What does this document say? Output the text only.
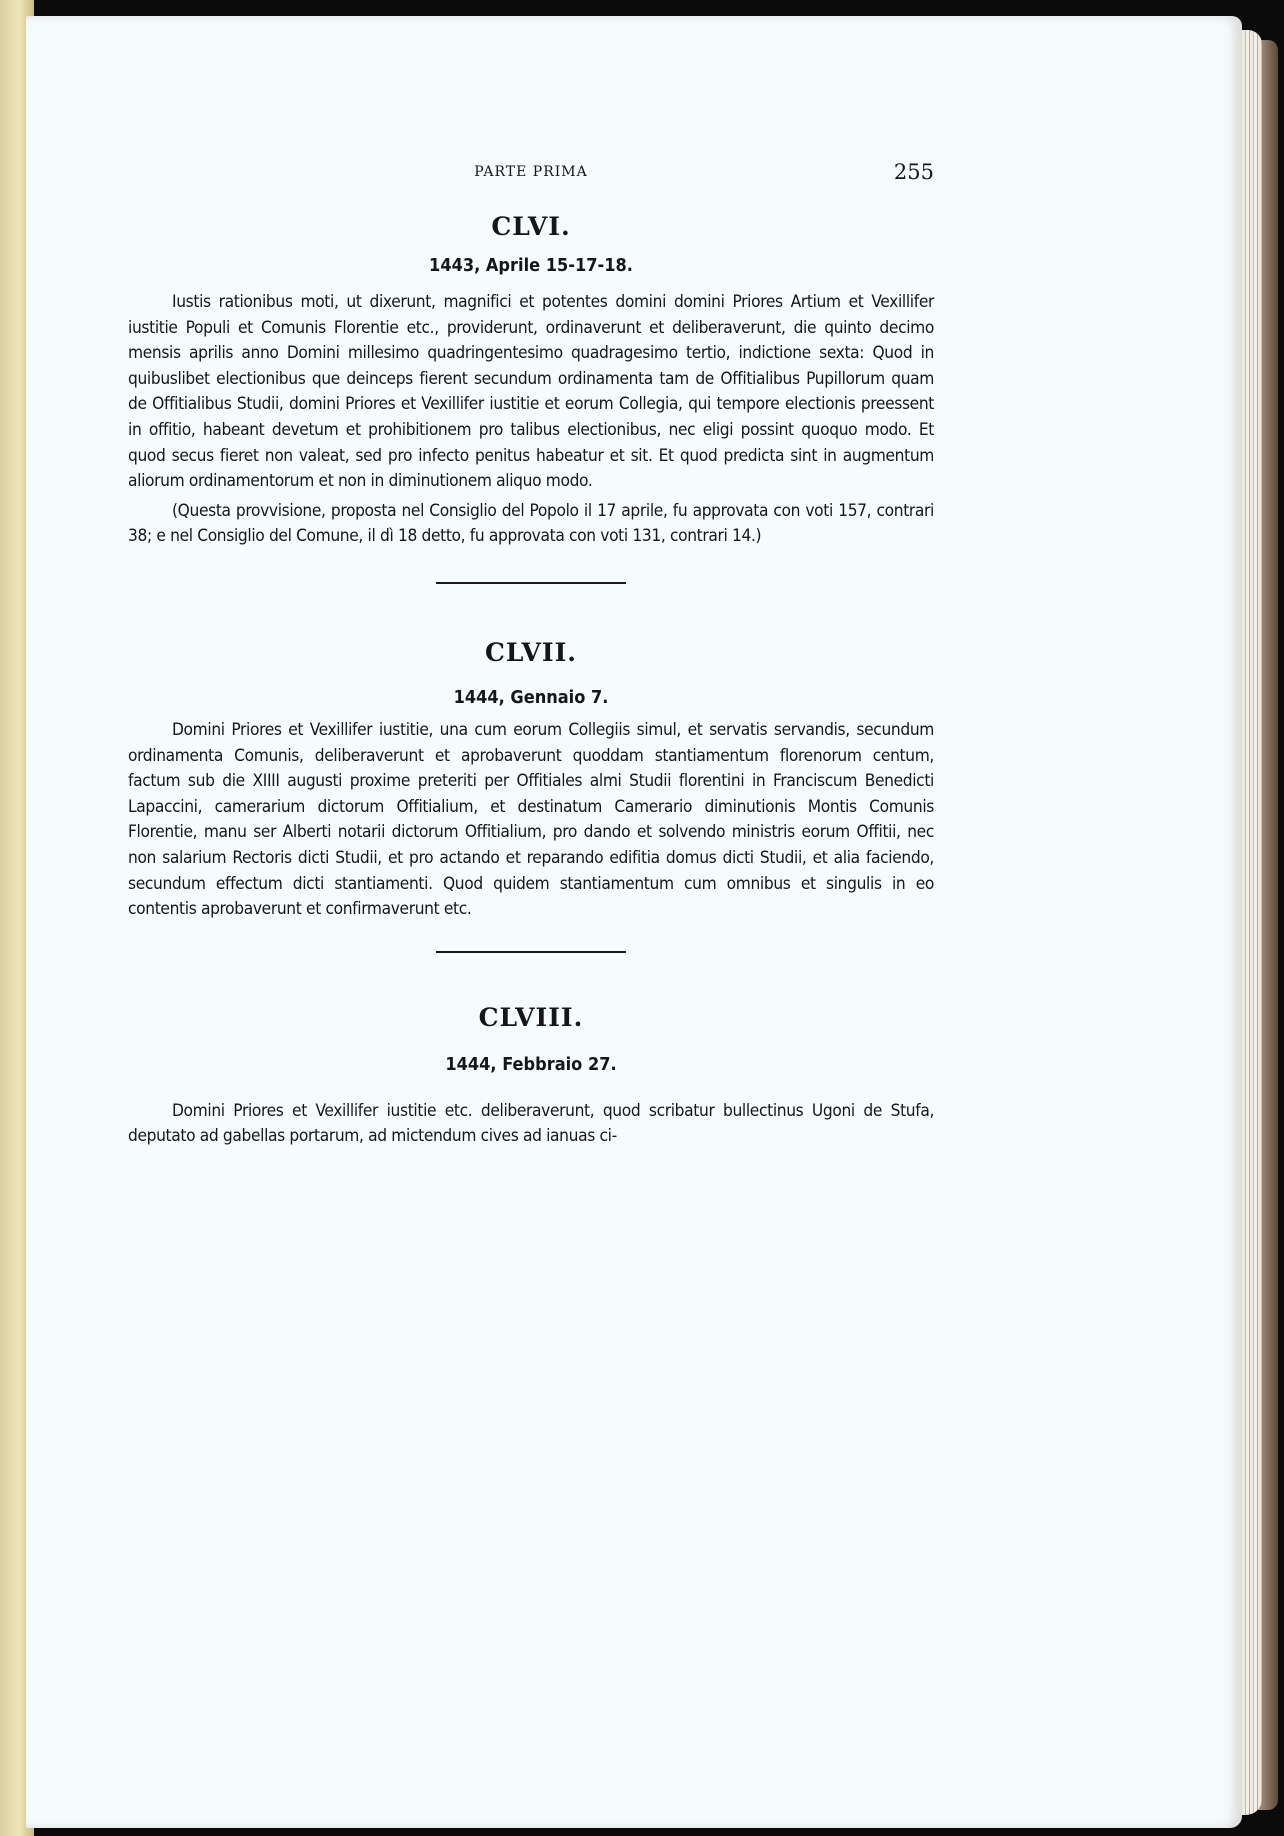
PARTE PRIMA	255
CLVI.

1443, Aprile 15-17-18.

Iustis rationibus moti, ut dixerunt, magnifici et potentes domini domini Priores Artium et Vexillifer iustitie Populi et Comunis Florentie etc., providerunt, ordinaverunt et deliberaverunt, die quinto decimo mensis aprilis anno Domini millesimo quadringentesimo quadragesimo tertio, indictione sexta: Quod in quibuslibet electionibus que deinceps fierent secundum ordinamenta tam de Offitialibus Pupillorum quam de Offitialibus Studii, domini Priores et Vexillifer iustitie et eorum Collegia, qui tempore electionis preessent in offitio, habeant devetum et prohibitionem pro talibus electionibus, nec eligi possint quoquo modo. Et quod secus fieret non valeat, sed pro infecto penitus habeatur et sit. Et quod predicta sint in augmentum aliorum ordinamentorum et non in diminutionem aliquo modo.

(Questa provvisione, proposta nel Consiglio del Popolo il 17 aprile, fu approvata con voti 157, contrari 38; e nel Consiglio del Comune, il dì 18 detto, fu approvata con voti 131, contrari 14.)

CLVII.

1444, Gennaio 7.

Domini Priores et Vexillifer iustitie, una cum eorum Collegiis simul, et servatis servandis, secundum ordinamenta Comunis, deliberaverunt et aprobaverunt quoddam stantiamentum florenorum centum, factum sub die XIIII augusti proxime preteriti per Offitiales almi Studii florentini in Franciscum Benedicti Lapaccini, camerarium dictorum Offitialium, et destinatum Camerario diminutionis Montis Comunis Florentie, manu ser Alberti notarii dictorum Offitialium, pro dando et solvendo ministris eorum Offitii, nec non salarium Rectoris dicti Studii, et pro actando et reparando edifitia domus dicti Studii, et alia faciendo, secundum effectum dicti stantiamenti. Quod quidem stantiamentum cum omnibus et singulis in eo contentis aprobaverunt et confirmaverunt etc.

CLVIII.

1444, Febbraio 27.

Domini Priores et Vexillifer iustitie etc. deliberaverunt, quod scribatur bullectinus Ugoni de Stufa, deputato ad gabellas portarum, ad mictendum cives ad ianuas ci-
